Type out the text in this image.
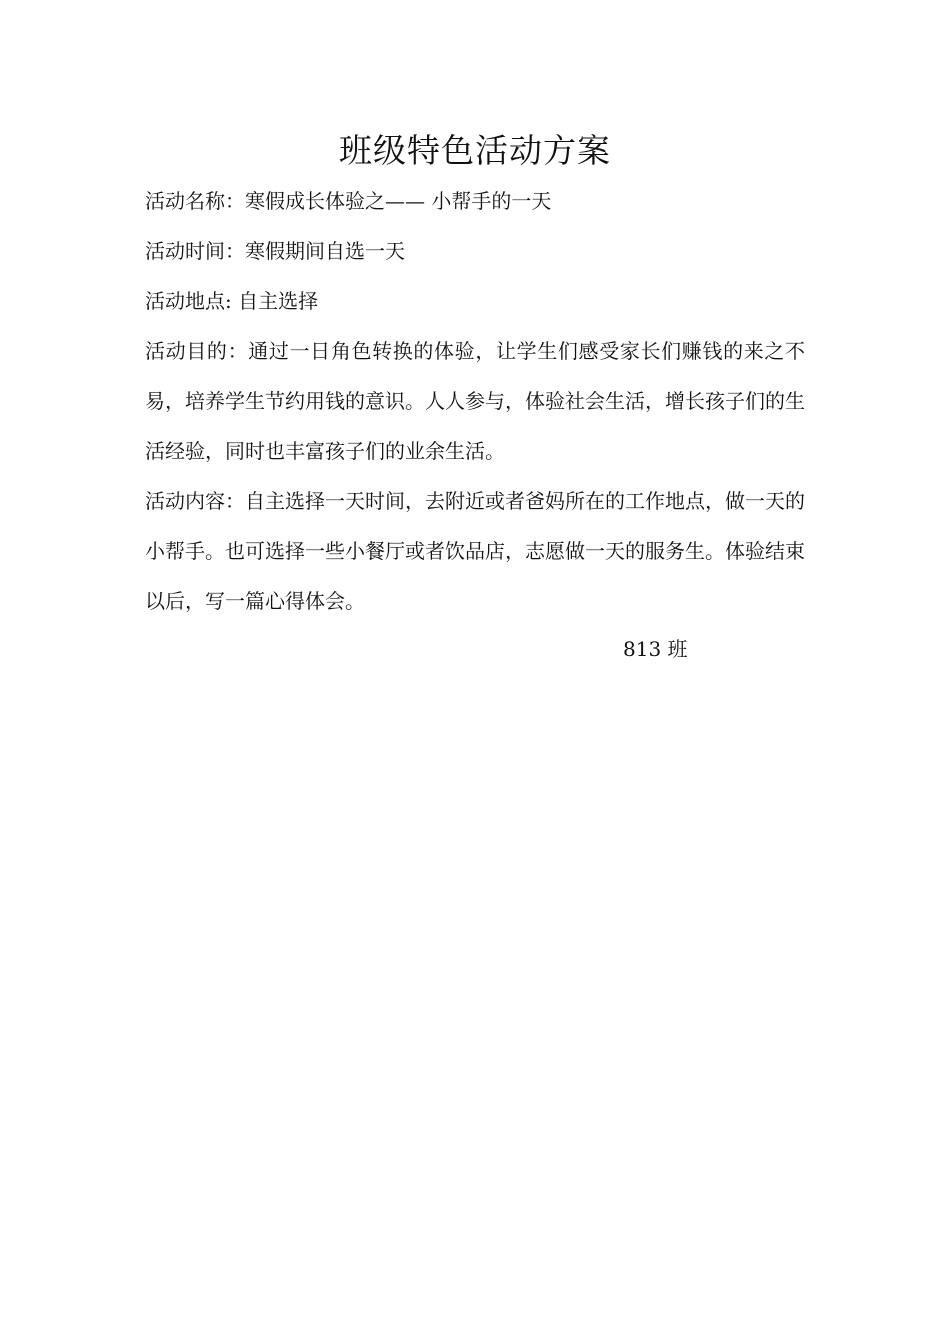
班级特色活动方案

活动名称：寒假成长体验之—— 小帮手的一天

活动时间：寒假期间自选一天

活动地点: 自主选择

活动目的：通过一日角色转换的体验，让学生们感受家长们赚钱的来之不易，培养学生节约用钱的意识。人人参与，体验社会生活，增长孩子们的生活经验，同时也丰富孩子们的业余生活。

活动内容：自主选择一天时间，去附近或者爸妈所在的工作地点，做一天的小帮手。也可选择一些小餐厅或者饮品店，志愿做一天的服务生。体验结束以后，写一篇心得体会。

813 班
